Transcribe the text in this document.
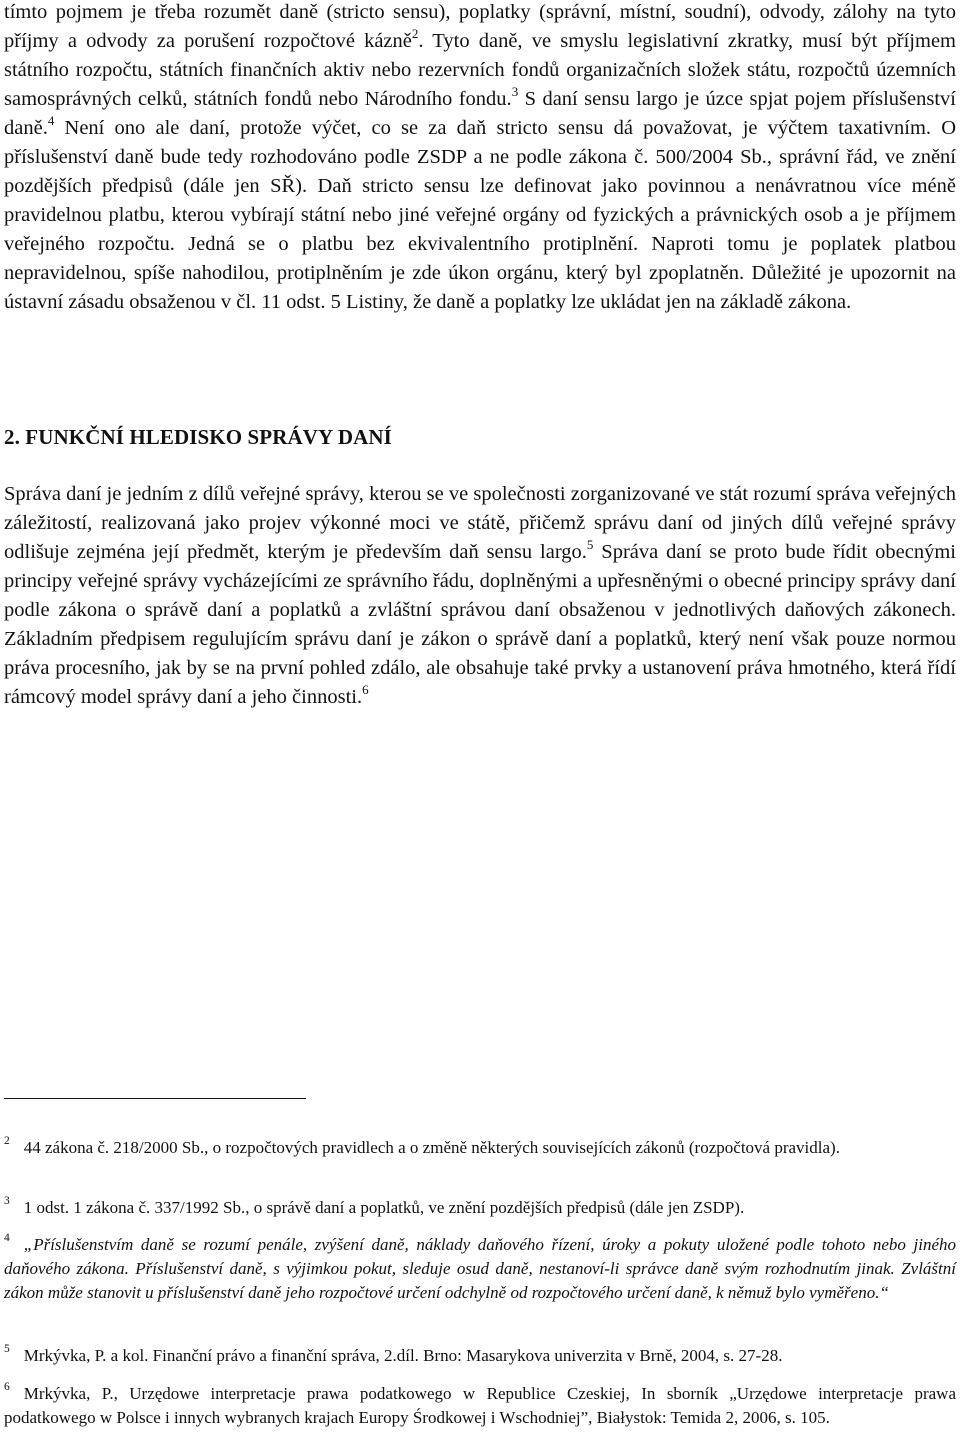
tímto pojmem je třeba rozumět daně (stricto sensu), poplatky (správní, místní, soudní), odvody, zálohy na tyto příjmy a odvody za porušení rozpočtové kázně$^2$. Tyto daně, ve smyslu legislativní zkratky, musí být příjmem státního rozpočtu, státních finančních aktiv nebo rezervních fondů organizačních složek státu, rozpočtů územních samosprávných celků, státních fondů nebo Národního fondu.$^3$ S daní sensu largo je úzce spjat pojem příslušenství daně.$^4$ Není ono ale daní, protože výčet, co se za daň stricto sensu dá považovat, je výčtem taxativním. O příslušenství daně bude tedy rozhodováno podle ZSDP a ne podle zákona č. 500/2004 Sb., správní řád, ve znění pozdějších předpisů (dále jen SŘ). Daň stricto sensu lze definovat jako povinnou a nenávratnou více méně pravidelnou platbu, kterou vybírají státní nebo jiné veřejné orgány od fyzických a právnických osob a je příjmem veřejného rozpočtu. Jedná se o platbu bez ekvivalentního protiplnění. Naproti tomu je poplatek platbou nepravidelnou, spíše nahodilou, protiplněním je zde úkon orgánu, který byl zpoplatněn. Důležité je upozornit na ústavní zásadu obsaženou v čl. 11 odst. 5 Listiny, že daně a poplatky lze ukládat jen na základě zákona.

2. FUNKČNÍ HLEDISKO SPRÁVY DANÍ

Správa daní je jedním z dílů veřejné správy, kterou se ve společnosti zorganizované ve stát rozumí správa veřejných záležitostí, realizovaná jako projev výkonné moci ve státě, přičemž správu daní od jiných dílů veřejné správy odlišuje zejména její předmět, kterým je především daň sensu largo.$^5$ Správa daní se proto bude řídit obecnými principy veřejné správy vycházejícími ze správního řádu, doplněnými a upřesněnými o obecné principy správy daní podle zákona o správě daní a poplatků a zvláštní správou daní obsaženou v jednotlivých daňových zákonech. Základním předpisem regulujícím správu daní je zákon o správě daní a poplatků, který není však pouze normou práva procesního, jak by se na první pohled zdálo, ale obsahuje také prvky a ustanovení práva hmotného, která řídí rámcový model správy daní a jeho činnosti.$^6$

$^2$ 44 zákona č. 218/2000 Sb., o rozpočtových pravidlech a o změně některých souvisejících zákonů (rozpočtová pravidla).

$^3$ 1 odst. 1 zákona č. 337/1992 Sb., o správě daní a poplatků, ve znění pozdějších předpisů (dále jen ZSDP).

$^4$ „Příslušenstvím daně se rozumí penále, zvýšení daně, náklady daňového řízení, úroky a pokuty uložené podle tohoto nebo jiného daňového zákona. Příslušenství daně, s výjimkou pokut, sleduje osud daně, nestanoví-li správce daně svým rozhodnutím jinak. Zvláštní zákon může stanovit u příslušenství daně jeho rozpočtové určení odchylně od rozpočtového určení daně, k němuž bylo vyměřeno.“

$^5$ Mrkývka, P. a kol. Finanční právo a finanční správa, 2.díl. Brno: Masarykova univerzita v Brně, 2004, s. 27-28.

$^6$ Mrkývka, P., Urzędowe interpretacje prawa podatkowego w Republice Czeskiej, In sborník „Urzędowe interpretacje prawa podatkowego w Polsce i innych wybranych krajach Europy Środkowej i Wschodniej”, Białystok: Temida 2, 2006, s. 105.
